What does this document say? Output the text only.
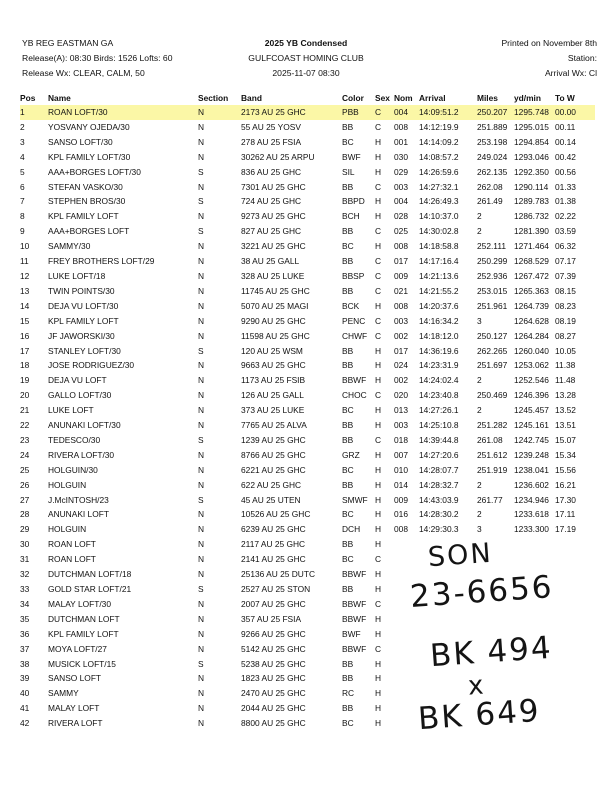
YB REG EASTMAN GA
Release(A): 08:30 Birds: 1526 Lofts: 60
Release Wx: CLEAR, CALM, 50
2025 YB Condensed
GULFCOAST HOMING CLUB
2025-11-07 08:30
Printed on November 8th
Station:
Arrival Wx: Cl
Pos	Name	Section	Band	Color	Sex	Nom	Arrival	Miles	yd/min	To W
1	ROAN LOFT/30	N	2173 AU 25 GHC	PBB	C	004	14:09:51.2	250.207	1295.748	00.00
2	YOSVANY OJEDA/30	N	55 AU 25 YOSV	BB	C	008	14:12:19.9	251.889	1295.015	00.11
3	SANSO LOFT/30	N	278 AU 25 FSIA	BC	H	001	14:14:09.2	253.198	1294.854	00.14
4	KPL FAMILY LOFT/30	N	30262 AU 25 ARPU	BWF	H	030	14:08:57.2	249.024	1293.046	00.42
5	AAA+BORGES LOFT/30	S	836 AU 25 GHC	SIL	H	029	14:26:59.6	262.135	1292.350	00.56
6	STEFAN VASKO/30	N	7301 AU 25 GHC	BB	C	003	14:27:32.1	262.08	1290.114	01.33
7	STEPHEN BROS/30	S	724 AU 25 GHC	BBPD	H	004	14:26:49.3	261.49	1289.783	01.38
8	KPL FAMILY LOFT	N	9273 AU 25 GHC	BCH	H	028	14:10:37.0	2	1286.732	02.22
9	AAA+BORGES LOFT	S	827 AU 25 GHC	BB	C	025	14:30:02.8	2	1281.390	03.59
10	SAMMY/30	N	3221 AU 25 GHC	BC	H	008	14:18:58.8	252.111	1271.464	06.32
11	FREY BROTHERS LOFT/29	N	38 AU 25 GALL	BB	C	017	14:17:16.4	250.299	1268.529	07.17
12	LUKE LOFT/18	N	328 AU 25 LUKE	BBSP	C	009	14:21:13.6	252.936	1267.472	07.39
13	TWIN POINTS/30	N	11745 AU 25 GHC	BB	C	021	14:21:55.2	253.015	1265.363	08.15
14	DEJA VU LOFT/30	N	5070 AU 25 MAGI	BCK	H	008	14:20:37.6	251.961	1264.739	08.23
15	KPL FAMILY LOFT	N	9290 AU 25 GHC	PENC	C	003	14:16:34.2	3	1264.628	08.19
16	JF JAWORSKI/30	N	11598 AU 25 GHC	CHWF	C	002	14:18:12.0	250.127	1264.284	08.27
17	STANLEY LOFT/30	S	120 AU 25 WSM	BB	H	017	14:36:19.6	262.265	1260.040	10.05
18	JOSE RODRIGUEZ/30	N	9663 AU 25 GHC	BB	H	024	14:23:31.9	251.697	1253.062	11.38
19	DEJA VU LOFT	N	1173 AU 25 FSIB	BBWF	H	002	14:24:02.4	2	1252.546	11.48
20	GALLO LOFT/30	N	126 AU 25 GALL	CHOC	C	020	14:23:40.8	250.469	1246.396	13.28
21	LUKE LOFT	N	373 AU 25 LUKE	BC	H	013	14:27:26.1	2	1245.457	13.52
22	ANUNAKI LOFT/30	N	7765 AU 25 ALVA	BB	H	003	14:25:10.8	251.282	1245.161	13.51
23	TEDESCO/30	S	1239 AU 25 GHC	BB	C	018	14:39:44.8	261.08	1242.745	15.07
24	RIVERA LOFT/30	N	8766 AU 25 GHC	GRZ	H	007	14:27:20.6	251.612	1239.248	15.34
25	HOLGUIN/30	N	6221 AU 25 GHC	BC	H	010	14:28:07.7	251.919	1238.041	15.56
26	HOLGUIN	N	622 AU 25 GHC	BB	H	014	14:28:32.7	2	1236.602	16.21
27	J.McINTOSH/23	S	45 AU 25 UTEN	SMWF	H	009	14:43:03.9	261.77	1234.946	17.30
28	ANUNAKI LOFT	N	10526 AU 25 GHC	BC	H	016	14:28:30.2	2	1233.618	17.11
29	HOLGUIN	N	6239 AU 25 GHC	DCH	H	008	14:29:30.3	3	1233.300	17.19
30	ROAN LOFT	N	2117 AU 25 GHC	BB	H					
31	ROAN LOFT	N	2141 AU 25 GHC	BC	C					
32	DUTCHMAN LOFT/18	N	25136 AU 25 DUTC	BBWF	H					
33	GOLD STAR LOFT/21	S	2527 AU 25 STON	BB	H					
34	MALAY LOFT/30	N	2007 AU 25 GHC	BBWF	C					
35	DUTCHMAN LOFT	N	357 AU 25 FSIA	BBWF	H					
36	KPL FAMILY LOFT	N	9266 AU 25 GHC	BWF	H					
37	MOYA LOFT/27	N	5142 AU 25 GHC	BBWF	C					
38	MUSICK LOFT/15	S	5238 AU 25 GHC	BB	H					
39	SANSO LOFT	N	1823 AU 25 GHC	BB	H					
40	SAMMY	N	2470 AU 25 GHC	RC	H					
41	MALAY LOFT	N	2044 AU 25 GHC	BB	H					
42	RIVERA LOFT	N	8800 AU 25 GHC	BC	H					
SON
23-6656
BK 494
x
BK 649
